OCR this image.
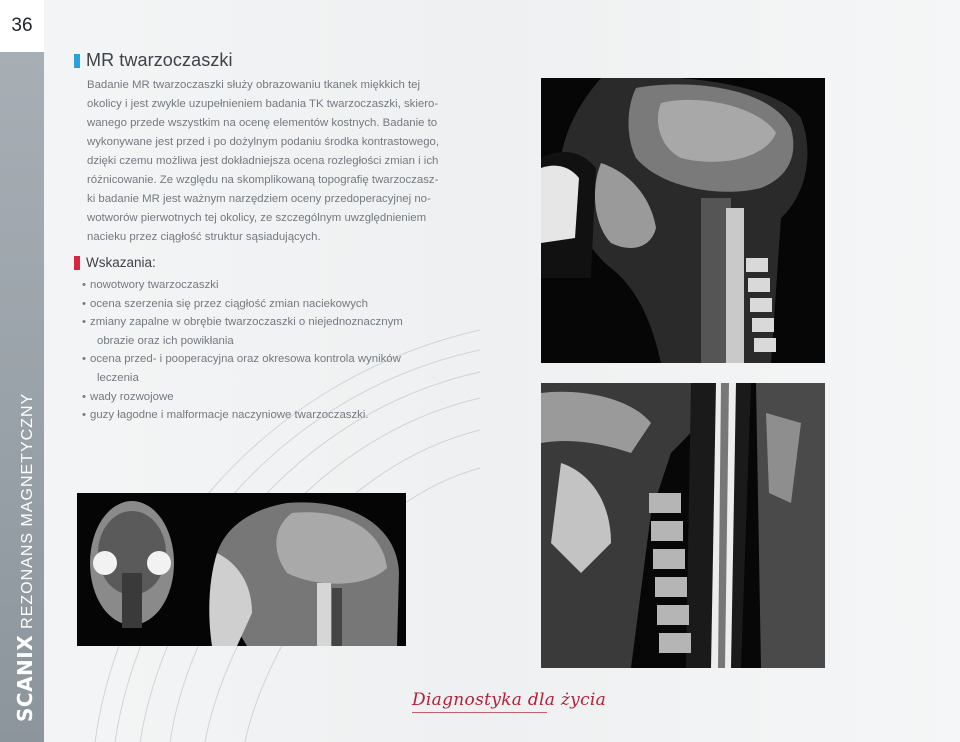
36
SCANIX
REZONANS MAGNETYCZNY
MR twarzoczaszki
Badanie MR twarzoczaszki służy obrazowaniu tkanek miękkich tej
okolicy i jest zwykle uzupełnieniem badania TK twarzoczaszki, skiero-
wanego przede wszystkim na ocenę elementów kostnych. Badanie to
wykonywane jest przed i po dożylnym podaniu środka kontrastowego,
dzięki czemu możliwa jest dokładniejsza ocena rozległości zmian i ich
różnicowanie. Ze względu na skomplikowaną topografię twarzoczasz-
ki badanie MR jest ważnym narzędziem oceny przedoperacyjnej no-
wotworów pierwotnych tej okolicy, ze szczególnym uwzględnieniem
nacieku przez ciągłość struktur sąsiadujących.
Wskazania:
• nowotwory twarzoczaszki
• ocena szerzenia się przez ciągłość zmian naciekowych
• zmiany zapalne w obrębie twarzoczaszki o niejednoznacznym
obrazie oraz ich powikłania
• ocena przed- i pooperacyjna oraz okresowa kontrola wyników
leczenia
• wady rozwojowe
• guzy łagodne i malformacje naczyniowe twarzoczaszki.
Diagnostyka dla życia
